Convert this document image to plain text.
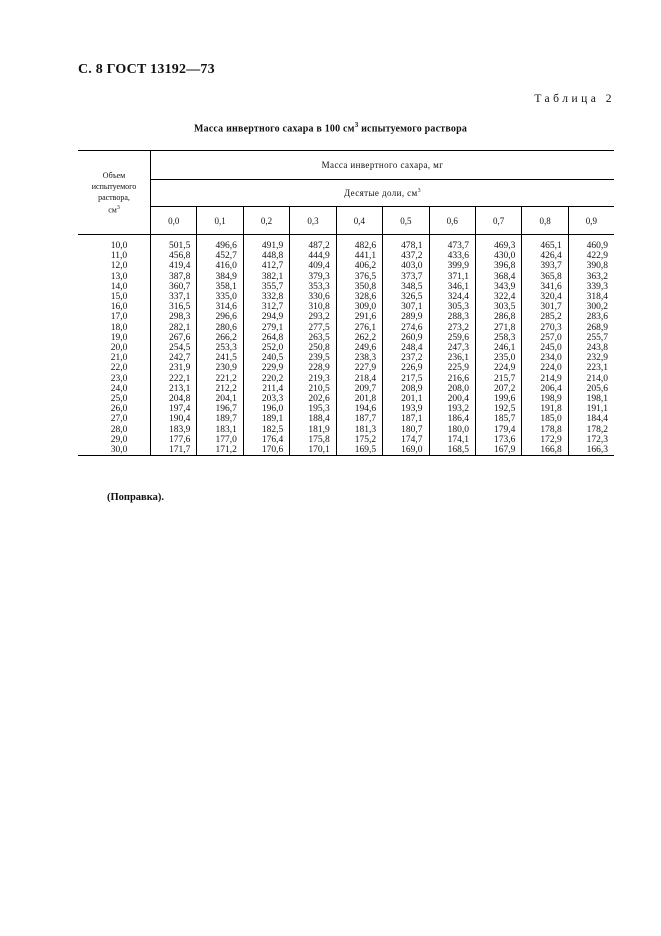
С. 8 ГОСТ 13192—73
Таблица 2
Масса инвертного сахара в 100 $см^3$ испытуемого раствора
Объем
испытуемого
раствора,
$см^3$	Масса инвертного сахара, мг									
	Десятые доли, $см^3$
	0,0	0,1	0,2	0,3	0,4	0,5	0,6	0,7	0,8	0,9
10,0	501,5	496,6	491,9	487,2	482,6	478,1	473,7	469,3	465,1	460,9
11,0	456,8	452,7	448,8	444,9	441,1	437,2	433,6	430,0	426,4	422,9
12,0	419,4	416,0	412,7	409,4	406,2	403,0	399,9	396,8	393,7	390,8
13,0	387,8	384,9	382,1	379,3	376,5	373,7	371,1	368,4	365,8	363,2
14,0	360,7	358,1	355,7	353,3	350,8	348,5	346,1	343,9	341,6	339,3
15,0	337,1	335,0	332,8	330,6	328,6	326,5	324,4	322,4	320,4	318,4
16,0	316,5	314,6	312,7	310,8	309,0	307,1	305,3	303,5	301,7	300,2
17,0	298,3	296,6	294,9	293,2	291,6	289,9	288,3	286,8	285,2	283,6
18,0	282,1	280,6	279,1	277,5	276,1	274,6	273,2	271,8	270,3	268,9
19,0	267,6	266,2	264,8	263,5	262,2	260,9	259,6	258,3	257,0	255,7
20,0	254,5	253,3	252,0	250,8	249,6	248,4	247,3	246,1	245,0	243,8
21,0	242,7	241,5	240,5	239,5	238,3	237,2	236,1	235,0	234,0	232,9
22,0	231,9	230,9	229,9	228,9	227,9	226,9	225,9	224,9	224,0	223,1
23,0	222,1	221,2	220,2	219,3	218,4	217,5	216,6	215,7	214,9	214,0
24,0	213,1	212,2	211,4	210,5	209,7	208,9	208,0	207,2	206,4	205,6
25,0	204,8	204,1	203,3	202,6	201,8	201,1	200,4	199,6	198,9	198,1
26,0	197,4	196,7	196,0	195,3	194,6	193,9	193,2	192,5	191,8	191,1
27,0	190,4	189,7	189,1	188,4	187,7	187,1	186,4	185,7	185,0	184,4
28,0	183,9	183,1	182,5	181,9	181,3	180,7	180,0	179,4	178,8	178,2
29,0	177,6	177,0	176,4	175,8	175,2	174,7	174,1	173,6	172,9	172,3
30,0	171,7	171,2	170,6	170,1	169,5	169,0	168,5	167,9	166,8	166,3
(Поправка).
